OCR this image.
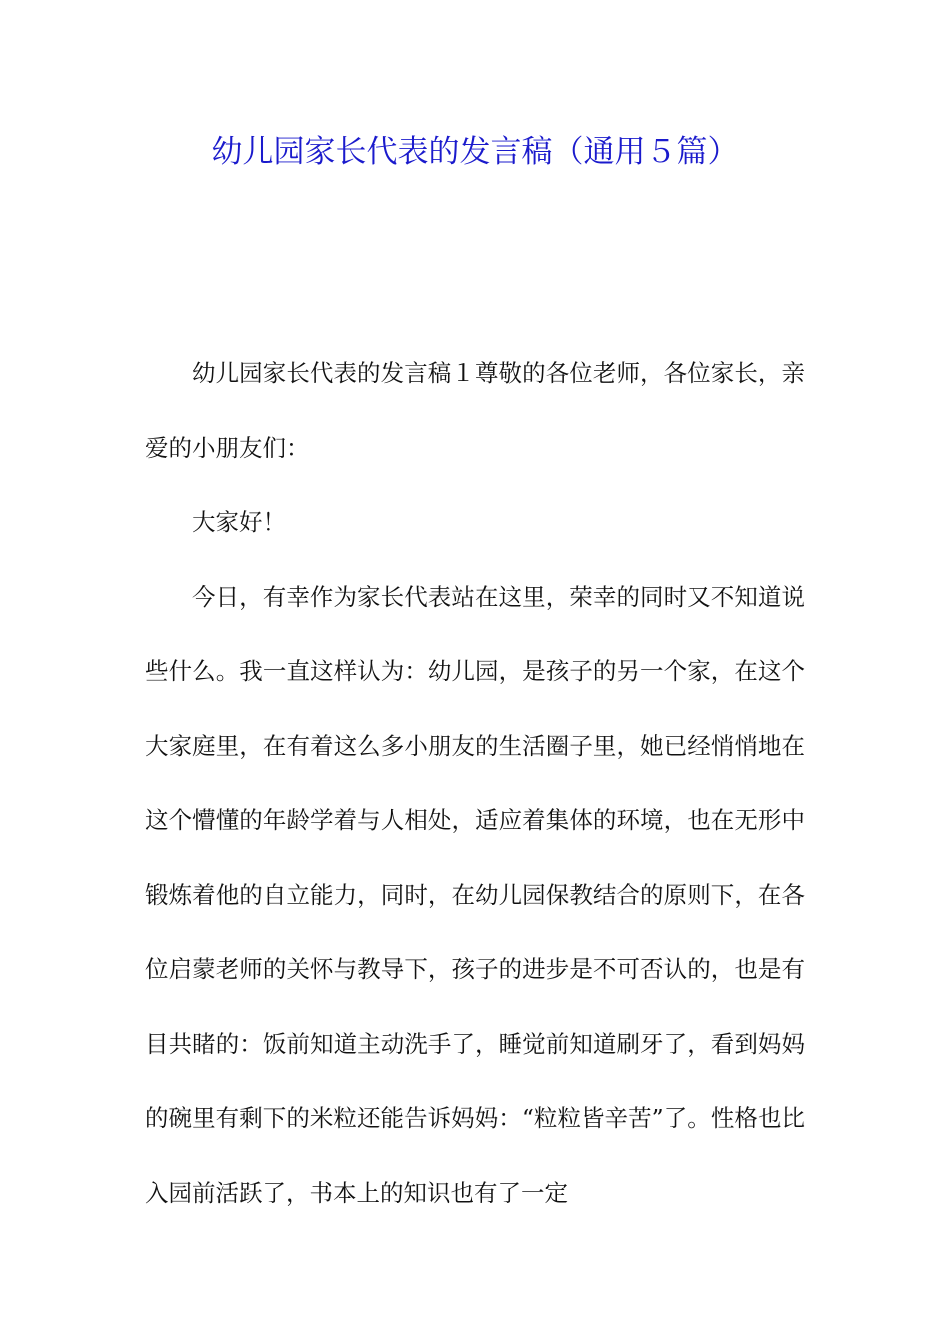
幼儿园家长代表的发言稿（通用５篇）

幼儿园家长代表的发言稿１尊敬的各位老师，各位家长，亲爱的小朋友们：

大家好！

今日，有幸作为家长代表站在这里，荣幸的同时又不知道说些什么。我一直这样认为：幼儿园，是孩子的另一个家，在这个大家庭里，在有着这么多小朋友的生活圈子里，她已经悄悄地在这个懵懂的年龄学着与人相处，适应着集体的环境，也在无形中锻炼着他的自立能力，同时，在幼儿园保教结合的原则下，在各位启蒙老师的关怀与教导下，孩子的进步是不可否认的，也是有目共睹的：饭前知道主动洗手了，睡觉前知道刷牙了，看到妈妈的碗里有剩下的米粒还能告诉妈妈：“粒粒皆辛苦”了。性格也比入园前活跃了，书本上的知识也有了一定
